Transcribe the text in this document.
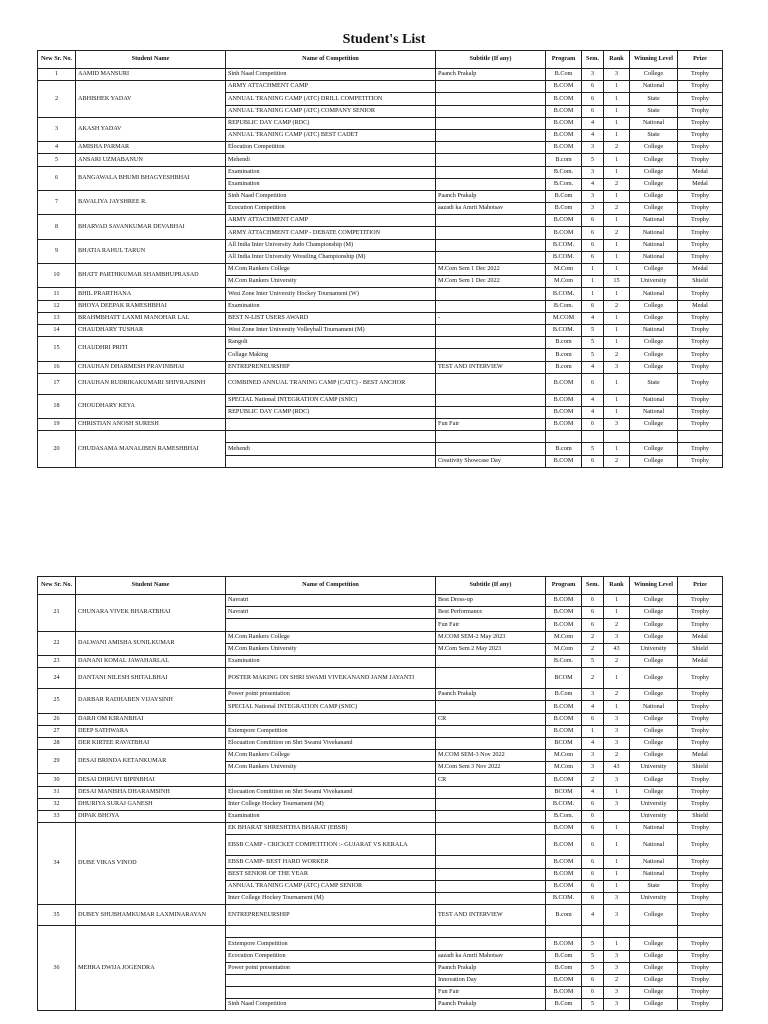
Student's List
New Sr. No.	Student Name	Name of Competition	Subtitle (If any)	Program	Sem.	Rank	Winning Level	Prize
1	AAMID MANSURI	Sinh Naad Competition	Paanch Prakalp	B.Com	3	3	College	Trophy
2	ABHISHEK YADAV	ARMY ATTACHMENT CAMP		B.COM	6	1	National	Trophy
		ANNUAL TRANING CAMP (ATC) DRILL COMPETITION		B.COM	6	1	State	Trophy
		ANNUAL TRANING CAMP (ATC) COMPANY SENIOR		B.COM	6	1	State	Trophy
3	AKASH YADAV	REPUBLIC DAY CAMP (RDC)		B.COM	4	1	National	Trophy
		ANNUAL TRANING CAMP (ATC) BEST CADET		B.COM	4	1	State	Trophy
4	AMISHA PARMAR	Elocution Competition		B.COM	3	2	College	Trophy
5	ANSARI UZMABANUN	Mehendi		B.com	5	1	College	Trophy
6	BANGAWALA BHUMI BHAGYESHBHAI	Examination		B.Com.	3	1	College	Medal
		Examination		B.Com.	4	2	College	Medal
7	BAVALIYA JAYSHREE R.	Sinh Naad Competition	Paanch Prakalp	B.Com	3	1	College	Trophy
		Ecocution Competition	aazadi ka Amrit Mahotsav	B.Com	3	2	College	Trophy
8	BHARVAD SAVANKUMAR DEVABHAI	ARMY ATTACHMENT CAMP		B.COM	6	1	National	Trophy
		ARMY ATTACHMENT CAMP - DEBATE COMPETITION		B.COM	6	2	National	Trophy
9	BHATIA RAHUL TARUN	All India Inter University Judo Championship (M)		B.COM.	6	1	National	Trophy
		All India Inter University Wrestling Championship (M)		B.COM.	6	1	National	Trophy
10	BHATT PARTHKUMAR SHAMBHUPRASAD	M.Com Rankers College	M.Com Sem 1 Dec 2022	M.Com	1	1	College	Medal
		M.Com Rankers University	M.Com Sem 1 Dec 2022	M.Com	1	15	University	Shield
11	BHIL PRARTHANA	West Zone Inter University Hockey Tournament (W)		B.COM.	1	1	National	Trophy
12	BHOYA DEEPAK RAMESHBHAI	Examination		B.Com.	6	2	College	Medal
13	BRAHMBHATT LAXMI MANOHAR LAL	BEST N-LIST USERS AWARD	-	M.COM	4	1	College	Trophy
14	CHAUDHARY TUSHAR	West Zone Inter University Volleyball Tournament (M)		B.COM.	5	1	National	Trophy
15	CHAUDHRI PRITI	Rangoli		B.com	5	1	College	Trophy
		Collage Making		B.com	5	2	College	Trophy
16	CHAUHAN DHARMESH PRAVINBHAI	ENTREPRENEURSHIP	TEST AND INTERVIEW	B.com	4	3	College	Trophy
17	CHAUHAN RUDRIKAKUMARI SHIVRAJSINH	COMBINED ANNUAL TRANING CAMP (CATC) - BEST ANCHOR		B.COM	6	1	State	Trophy
18	CHOUDHARY KEYA	SPECIAL National INTEGRATION CAMP (SNIC)		B.COM	4	1	National	Trophy
		REPUBLIC DAY CAMP (RDC)		B.COM	4	1	National	Trophy
19	CHRISTIAN ANOSH SURESH		Fun Fair	B.COM	6	3	College	Trophy
20	CHUDASAMA MANALIBEN RAMESHBHAI							
		Mehendi		B.com	5	1	College	Trophy
			Creativity Showcase Day	B.COM	6	2	College	Trophy
New Sr. No.	Student Name	Name of Competition	Subtitle (If any)	Program	Sem.	Rank	Winning Level	Prize
21	CHUNARA VIVEK BHARATBHAI	Navratri	Best Dress-up	B.COM	6	1	College	Trophy
		Navratri	Best Performance	B.COM	6	1	College	Trophy
			Fun Fair	B.COM	6	2	College	Trophy
22	DALWANI AMISHA SUNILKUMAR	M.Com Rankers College	M.COM SEM-2 May 2023	M.Com	2	3	College	Medal
		M.Com Rankers University	M.Com Sem 2 May 2023	M.Com	2	43	University	Shield
23	DANANI KOMAL JAWAHARLAL	Examination		B.Com.	5	2	College	Medal
24	DANTANI NILESH SHITALBHAI	POSTER MAKING ON SHRI SWAMI VIVEKANAND JANM JAYANTI		BCOM	2	1	College	Trophy
25	DARBAR RADHABEN VIJAYSINH	Power point presentation	Paanch Prakalp	B.Com	3	2	College	Trophy
		SPECIAL National INTEGRATION CAMP (SNIC)		B.COM	4	1	National	Trophy
26	DARJI OM KIRANBHAI		CR	B.COM	6	3	College	Trophy
27	DEEP SATHWARA	Extempore Competition		B.COM	1	3	College	Trophy
28	DER KIRTEE RAVATBHAI	Elocuation Comitition on Shri Swami Vivekanand		BCOM	4	3	College	Trophy
29	DESAI BRINDA KETANKUMAR	M.Com Rankers College	M.COM SEM-3 Nov 2022	M.Com	3	2	College	Medal
		M.Com Rankers University	M.Com Sem 3 Nov 2022	M.Com	3	43	University	Shield
30	DESAI DHRUVI BIPINBHAI		CR	B.COM	2	3	College	Trophy
31	DESAI MANISHA DHARAMSINH	Elocuation Comitition on Shri Swami Vivekanand		BCOM	4	1	College	Trophy
32	DHURIYA SURAJ GANESH	Inter College Hockey Tournament (M)		B.COM.	6	3	University	Trophy
33	DIPAK BHOYA	Examination		B.Com.	6		University	Shield
34	DUBE VIKAS VINOD	EK BHARAT SHRESHTHA BHARAT (EBSB)		B.COM	6	1	National	Trophy
		EBSB CAMP - CRICKET COMPETITION :- GUJARAT VS KERALA		B.COM	6	1	National	Trophy
		EBSB CAMP- BEST HARD WORKER		B.COM	6	1	National	Trophy
		BEST SENIOR OF THE YEAR		B.COM	6	1	National	Trophy
		ANNUAL TRANING CAMP (ATC) CAMP SENIOR		B.COM	6	1	State	Trophy
		Inter College Hockey Tournament (M)		B.COM.	6	3	University	Trophy
35	DUBEY SHUBHAMKUMAR LAXMINARAYAN	ENTREPRENEURSHIP	TEST AND INTERVIEW	B.com	4	3	College	Trophy
36	MEHRA DWIJA JOGENDRA							
		Extempore Competition		B.COM	5	1	College	Trophy
		Ecocution Competition	aazadi ka Amrit Mahotsav	B.Com	5	3	College	Trophy
		Power point presentation	Paanch Prakalp	B.Com	5	3	College	Trophy
			Innovation Day	B.COM	6	2	College	Trophy
			Fun Fair	B.COM	6	3	College	Trophy
		Sinh Naad Competition	Paanch Prakalp	B.Com	5	3	College	Trophy
